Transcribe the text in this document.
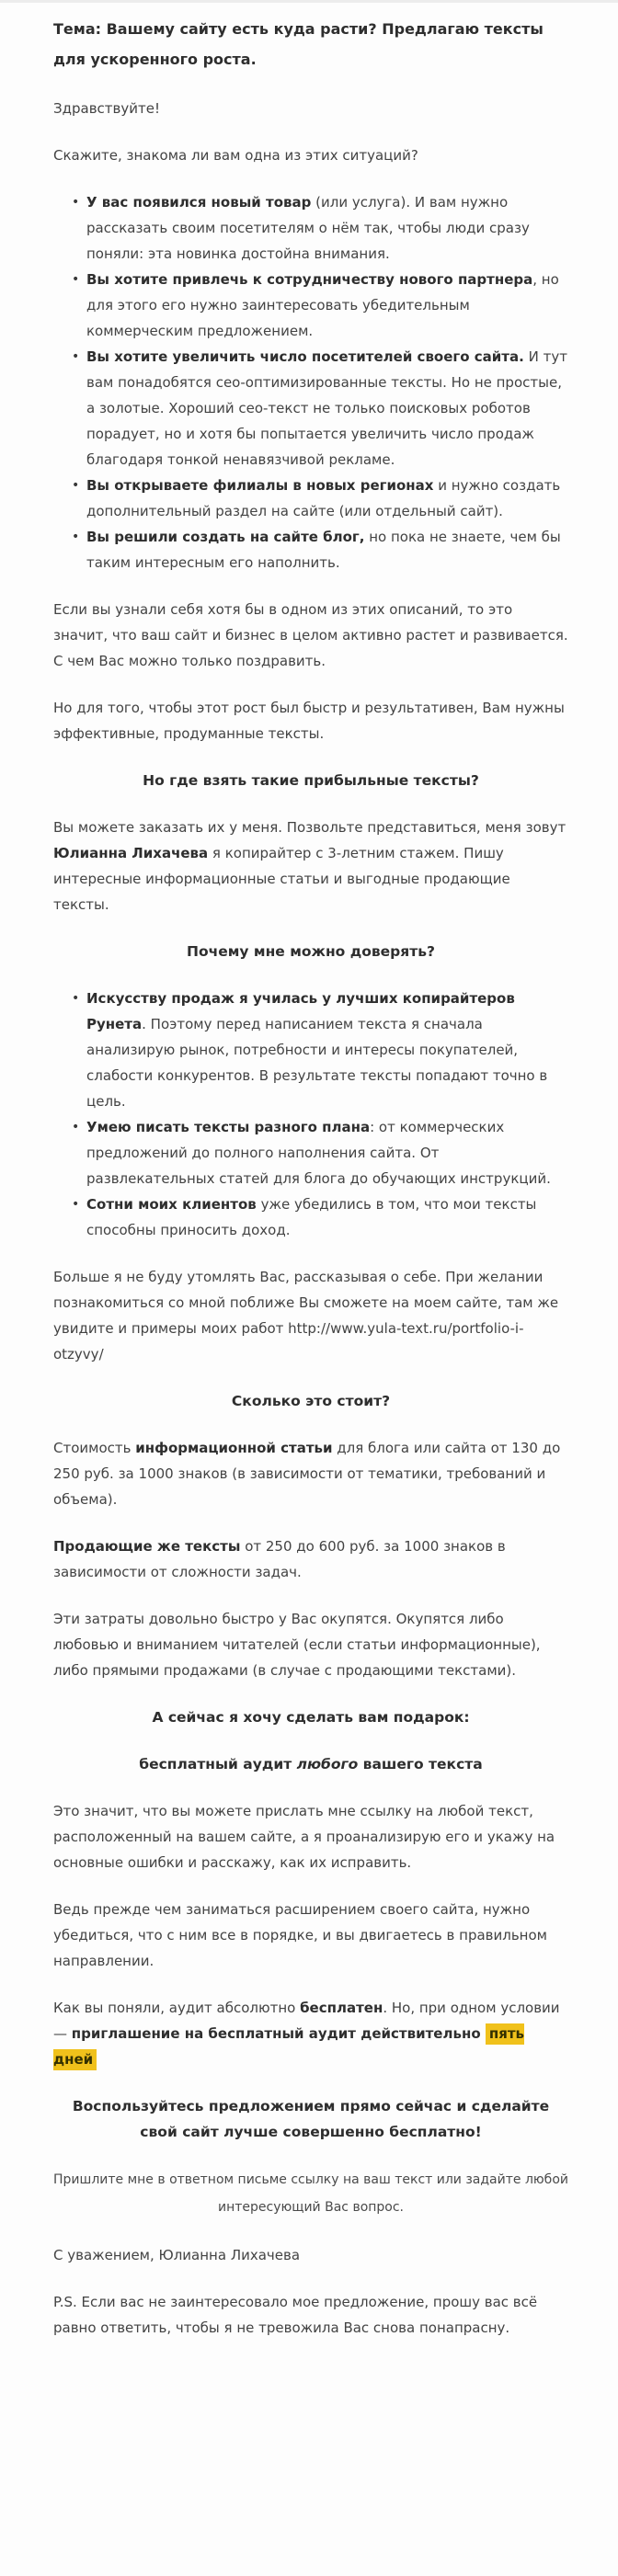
Тема: Вашему сайту есть куда расти? Предлагаю тексты для ускоренного роста.

Здравствуйте!

Скажите, знакома ли вам одна из этих ситуаций?

• У вас появился новый товар (или услуга). И вам нужно рассказать своим посетителям о нём так, чтобы люди сразу поняли: эта новинка достойна внимания.
• Вы хотите привлечь к сотрудничеству нового партнера, но для этого его нужно заинтересовать убедительным коммерческим предложением.
• Вы хотите увеличить число посетителей своего сайта. И тут вам понадобятся сео-оптимизированные тексты. Но не простые, а золотые. Хороший сео-текст не только поисковых роботов порадует, но и хотя бы попытается увеличить число продаж благодаря тонкой ненавязчивой рекламе.
• Вы открываете филиалы в новых регионах и нужно создать дополнительный раздел на сайте (или отдельный сайт).
• Вы решили создать на сайте блог, но пока не знаете, чем бы таким интересным его наполнить.

Если вы узнали себя хотя бы в одном из этих описаний, то это значит, что ваш сайт и бизнес в целом активно растет и развивается. С чем Вас можно только поздравить.

Но для того, чтобы этот рост был быстр и результативен, Вам нужны эффективные, продуманные тексты.

Но где взять такие прибыльные тексты?

Вы можете заказать их у меня. Позвольте представиться, меня зовут Юлианна Лихачева я копирайтер с 3-летним стажем. Пишу интересные информационные статьи и выгодные продающие тексты.

Почему мне можно доверять?

• Искусству продаж я училась у лучших копирайтеров Рунета. Поэтому перед написанием текста я сначала анализирую рынок, потребности и интересы покупателей, слабости конкурентов. В результате тексты попадают точно в цель.
• Умею писать тексты разного плана: от коммерческих предложений до полного наполнения сайта. От развлекательных статей для блога до обучающих инструкций.
• Сотни моих клиентов уже убедились в том, что мои тексты способны приносить доход.

Больше я не буду утомлять Вас, рассказывая о себе. При желании познакомиться со мной поближе Вы сможете на моем сайте, там же увидите и примеры моих работ http://www.yula-text.ru/portfolio-i-otzyvy/

Сколько это стоит?

Стоимость информационной статьи для блога или сайта от 130 до 250 руб. за 1000 знаков (в зависимости от тематики, требований и объема).

Продающие же тексты от 250 до 600 руб. за 1000 знаков в зависимости от сложности задач.

Эти затраты довольно быстро у Вас окупятся. Окупятся либо любовью и вниманием читателей (если статьи информационные), либо прямыми продажами (в случае с продающими текстами).

А сейчас я хочу сделать вам подарок:

бесплатный аудит любого вашего текста

Это значит, что вы можете прислать мне ссылку на любой текст, расположенный на вашем сайте, а я проанализирую его и укажу на основные ошибки и расскажу, как их исправить.

Ведь прежде чем заниматься расширением своего сайта, нужно убедиться, что с ним все в порядке, и вы двигаетесь в правильном направлении.

Как вы поняли, аудит абсолютно бесплатен. Но, при одном условии — приглашение на бесплатный аудит действительно пять дней

Воспользуйтесь предложением прямо сейчас и сделайте свой сайт лучше совершенно бесплатно!

Пришлите мне в ответном письме ссылку на ваш текст или задайте любой интересующий Вас вопрос.

С уважением, Юлианна Лихачева

P.S. Если вас не заинтересовало мое предложение, прошу вас всё равно ответить, чтобы я не тревожила Вас снова понапрасну.
